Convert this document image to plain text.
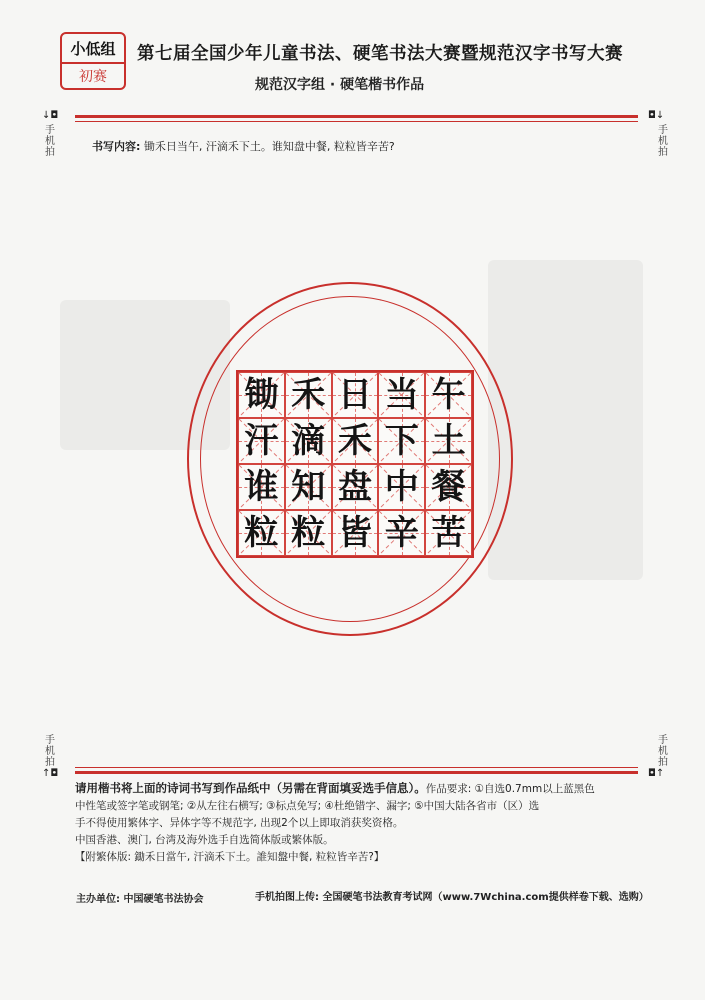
小低组
初赛
第七届全国少年儿童书法、硬笔书法大赛暨规范汉字书写大赛
规范汉字组 · 硬笔楷书作品
↓◘
手机拍
◘↓
手机拍
书写内容: 锄禾日当午, 汗滴禾下土。谁知盘中餐, 粒粒皆辛苦?
锄 禾 日 当 午
汗 滴 禾 下 土
谁 知 盘 中 餐
粒 粒 皆 辛 苦
手机拍
↑◘
手机拍
◘↑
请用楷书将上面的诗词书写到作品纸中（另需在背面填妥选手信息）。作品要求: ①自选0.7mm以上蓝黑色
中性笔或签字笔或钢笔; ②从左往右横写; ③标点免写; ④杜绝错字、漏字; ⑤中国大陆各省市（区）选
手不得使用繁体字、异体字等不规范字, 出现2个以上即取消获奖资格。
中国香港、澳门, 台湾及海外选手自选简体版或繁体版。
【附繁体版: 鋤禾日當午, 汗滴禾下土。誰知盤中餐, 粒粒皆辛苦?】
主办单位: 中国硬笔书法协会	手机拍图上传: 全国硬笔书法教育考试网（www.7Wchina.com提供样卷下载、选购）
